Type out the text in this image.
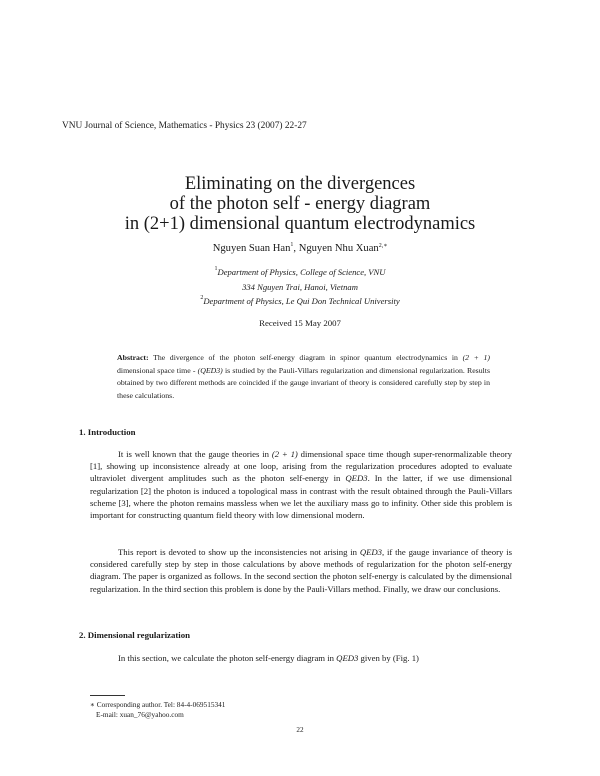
VNU Journal of Science, Mathematics - Physics 23 (2007) 22-27
Eliminating on the divergences
of the photon self - energy diagram
in (2+1) dimensional quantum electrodynamics
Nguyen Suan Han$^1$, Nguyen Nhu Xuan$^{2,∗}$
$^1$Department of Physics, College of Science, VNU
334 Nguyen Trai, Hanoi, Vietnam
$^2$Department of Physics, Le Qui Don Technical University
Received 15 May 2007
Abstract: The divergence of the photon self-energy diagram in spinor quantum electrodynamics in (2 + 1) dimensional space time - (QED3) is studied by the Pauli-Villars regularization and dimensional regularization. Results obtained by two different methods are coincided if the gauge invariant of theory is considered carefully step by step in these calculations.
1. Introduction
It is well known that the gauge theories in (2 + 1) dimensional space time though super-renormalizable theory [1], showing up inconsistence already at one loop, arising from the regularization procedures adopted to evaluate ultraviolet divergent amplitudes such as the photon self-energy in QED3. In the latter, if we use dimensional regularization [2] the photon is induced a topological mass in contrast with the result obtained through the Pauli-Villars scheme [3], where the photon remains massless when we let the auxiliary mass go to infinity. Other side this problem is important for constructing quantum field theory with low dimensional modern.
This report is devoted to show up the inconsistencies not arising in QED3, if the gauge invariance of theory is considered carefully step by step in those calculations by above methods of regularization for the photon self-energy diagram. The paper is organized as follows. In the second section the photon self-energy is calculated by the dimensional regularization. In the third section this problem is done by the Pauli-Villars method. Finally, we draw our conclusions.
2. Dimensional regularization
In this section, we calculate the photon self-energy diagram in QED3 given by (Fig. 1)
∗ Corresponding author. Tel: 84-4-069515341
E-mail: xuan_76@yahoo.com
22
